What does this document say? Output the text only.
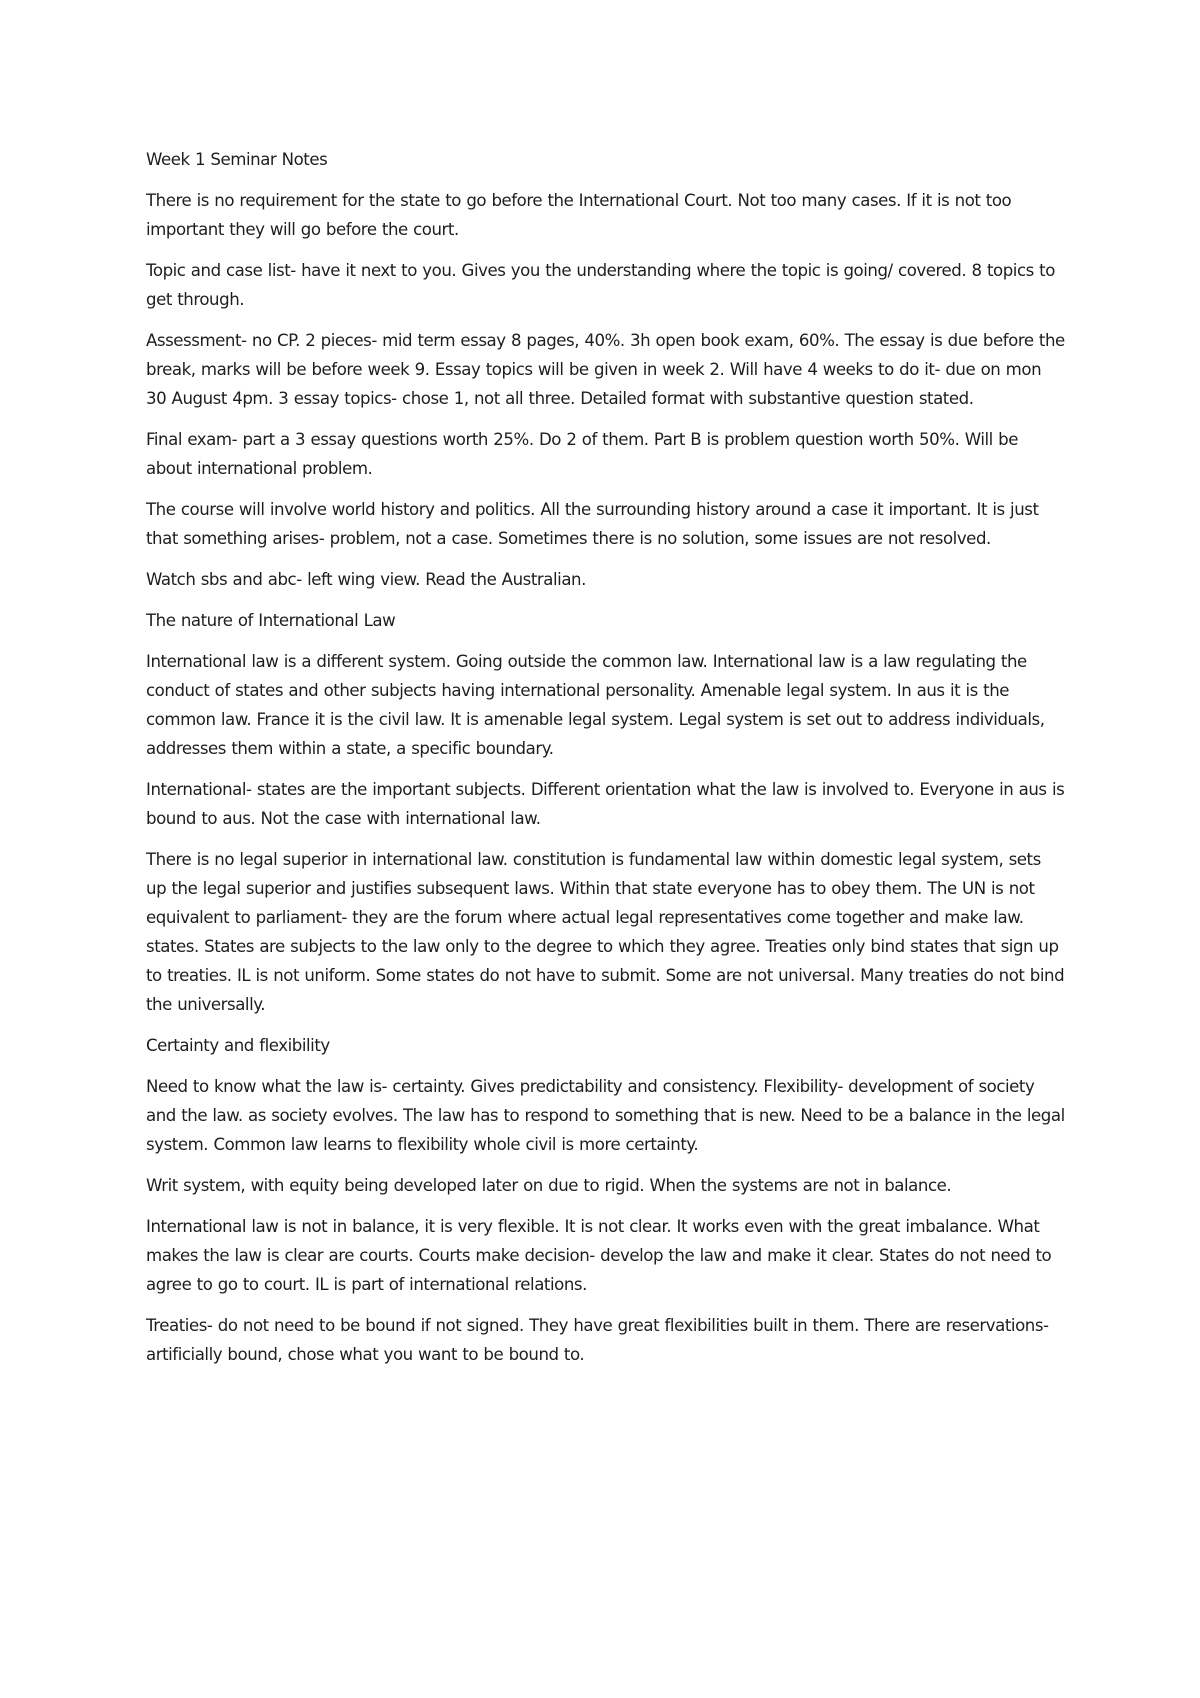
Week 1 Seminar Notes

There is no requirement for the state to go before the International Court. Not too many cases. If it is not too important they will go before the court.

Topic and case list- have it next to you. Gives you the understanding where the topic is going/ covered. 8 topics to get through.

Assessment- no CP. 2 pieces- mid term essay 8 pages, 40%. 3h open book exam, 60%. The essay is due before the break, marks will be before week 9. Essay topics will be given in week 2. Will have 4 weeks to do it- due on mon 30 August 4pm. 3 essay topics- chose 1, not all three. Detailed format with substantive question stated.

Final exam- part a 3 essay questions worth 25%. Do 2 of them. Part B is problem question worth 50%. Will be about international problem.

The course will involve world history and politics. All the surrounding history around a case it important. It is just that something arises- problem, not a case. Sometimes there is no solution, some issues are not resolved.

Watch sbs and abc- left wing view. Read the Australian.

The nature of International Law

International law is a different system. Going outside the common law. International law is a law regulating the conduct of states and other subjects having international personality. Amenable legal system. In aus it is the common law. France it is the civil law. It is amenable legal system. Legal system is set out to address individuals, addresses them within a state, a specific boundary.

International- states are the important subjects. Different orientation what the law is involved to. Everyone in aus is bound to aus. Not the case with international law.

There is no legal superior in international law. constitution is fundamental law within domestic legal system, sets up the legal superior and justifies subsequent laws. Within that state everyone has to obey them. The UN is not equivalent to parliament- they are the forum where actual legal representatives come together and make law. states. States are subjects to the law only to the degree to which they agree. Treaties only bind states that sign up to treaties. IL is not uniform. Some states do not have to submit. Some are not universal. Many treaties do not bind the universally.

Certainty and flexibility

Need to know what the law is- certainty. Gives predictability and consistency. Flexibility- development of society and the law. as society evolves. The law has to respond to something that is new. Need to be a balance in the legal system. Common law learns to flexibility whole civil is more certainty.

Writ system, with equity being developed later on due to rigid. When the systems are not in balance.

International law is not in balance, it is very flexible. It is not clear. It works even with the great imbalance. What makes the law is clear are courts. Courts make decision- develop the law and make it clear. States do not need to agree to go to court. IL is part of international relations.

Treaties- do not need to be bound if not signed. They have great flexibilities built in them. There are reservations- artificially bound, chose what you want to be bound to.
